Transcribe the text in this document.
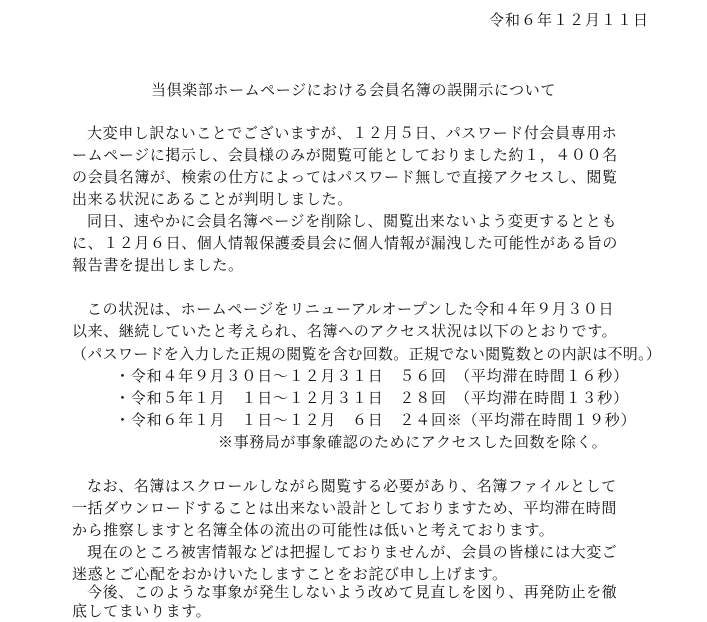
令和６年１２月１１日
当倶楽部ホームページにおける会員名簿の誤開示について
大変申し訳ないことでございますが、１２月５日、パスワード付会員専用ホ
ームページに掲示し、会員様のみが閲覧可能としておりました約１，４００名
の会員名簿が、検索の仕方によってはパスワード無しで直接アクセスし、閲覧
出来る状況にあることが判明しました。
同日、速やかに会員名簿ページを削除し、閲覧出来ないよう変更するととも
に、１２月６日、個人情報保護委員会に個人情報が漏洩した可能性がある旨の
報告書を提出しました。
この状況は、ホームページをリニューアルオープンした令和４年９月３０日
以来、継続していたと考えられ、名簿へのアクセス状況は以下のとおりです。
（パスワードを入力した正規の閲覧を含む回数。正規でない閲覧数との内訳は不明。）
・令和４年９月３０日～１２月３１日　５６回　（平均滞在時間１６秒）
・令和５年１月　１日～１２月３１日　２８回　（平均滞在時間１３秒）
・令和６年１月　１日～１２月　６日　２４回※（平均滞在時間１９秒）
※事務局が事象確認のためにアクセスした回数を除く。
なお、名簿はスクロールしながら閲覧する必要があり、名簿ファイルとして
一括ダウンロードすることは出来ない設計としておりますため、平均滞在時間
から推察しますと名簿全体の流出の可能性は低いと考えております。
現在のところ被害情報などは把握しておりませんが、会員の皆様には大変ご
迷惑とご心配をおかけいたしますことをお詫び申し上げます。
今後、このような事象が発生しないよう改めて見直しを図り、再発防止を徹
底してまいります。
